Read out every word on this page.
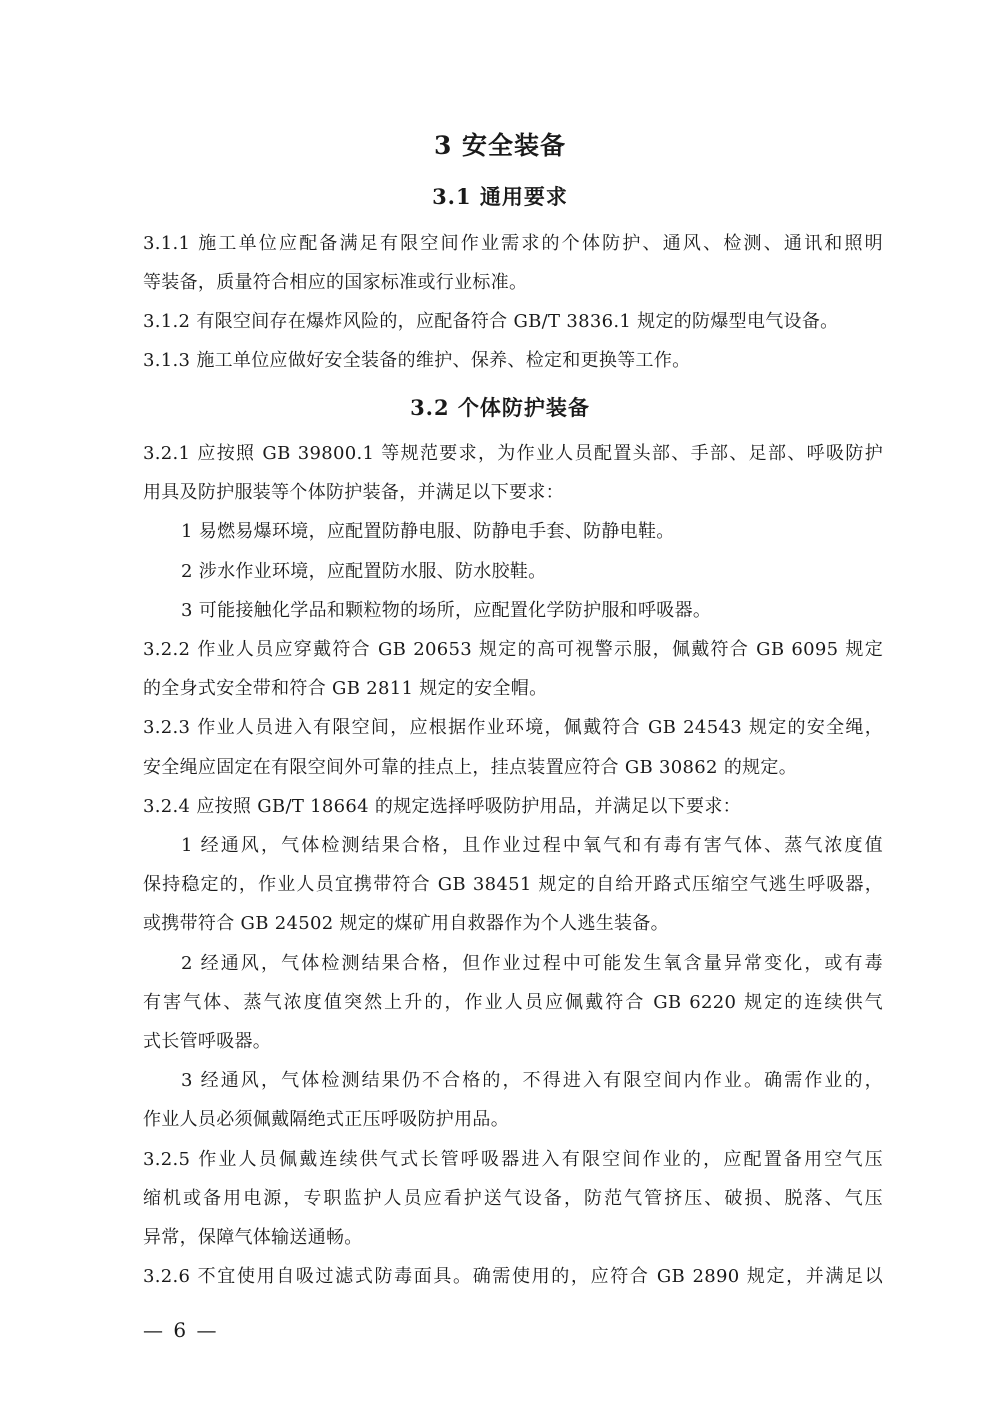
3 安全装备
3.1 通用要求
3.1.1 施工单位应配备满足有限空间作业需求的个体防护、通风、检测、通讯和照明
等装备，质量符合相应的国家标准或行业标准。
3.1.2 有限空间存在爆炸风险的，应配备符合 GB/T 3836.1 规定的防爆型电气设备。
3.1.3 施工单位应做好安全装备的维护、保养、检定和更换等工作。
3.2 个体防护装备
3.2.1 应按照 GB 39800.1 等规范要求，为作业人员配置头部、手部、足部、呼吸防护
用具及防护服装等个体防护装备，并满足以下要求：
1 易燃易爆环境，应配置防静电服、防静电手套、防静电鞋。
2 涉水作业环境，应配置防水服、防水胶鞋。
3 可能接触化学品和颗粒物的场所，应配置化学防护服和呼吸器。
3.2.2 作业人员应穿戴符合 GB 20653 规定的高可视警示服，佩戴符合 GB 6095 规定
的全身式安全带和符合 GB 2811 规定的安全帽。
3.2.3 作业人员进入有限空间，应根据作业环境，佩戴符合 GB 24543 规定的安全绳，
安全绳应固定在有限空间外可靠的挂点上，挂点装置应符合 GB 30862 的规定。
3.2.4 应按照 GB/T 18664 的规定选择呼吸防护用品，并满足以下要求：
1 经通风，气体检测结果合格，且作业过程中氧气和有毒有害气体、蒸气浓度值
保持稳定的，作业人员宜携带符合 GB 38451 规定的自给开路式压缩空气逃生呼吸器，
或携带符合 GB 24502 规定的煤矿用自救器作为个人逃生装备。
2 经通风，气体检测结果合格，但作业过程中可能发生氧含量异常变化，或有毒
有害气体、蒸气浓度值突然上升的，作业人员应佩戴符合 GB 6220 规定的连续供气
式长管呼吸器。
3 经通风，气体检测结果仍不合格的，不得进入有限空间内作业。确需作业的，
作业人员必须佩戴隔绝式正压呼吸防护用品。
3.2.5 作业人员佩戴连续供气式长管呼吸器进入有限空间作业的，应配置备用空气压
缩机或备用电源，专职监护人员应看护送气设备，防范气管挤压、破损、脱落、气压
异常，保障气体输送通畅。
3.2.6 不宜使用自吸过滤式防毒面具。确需使用的，应符合 GB 2890 规定，并满足以
— 6 —
